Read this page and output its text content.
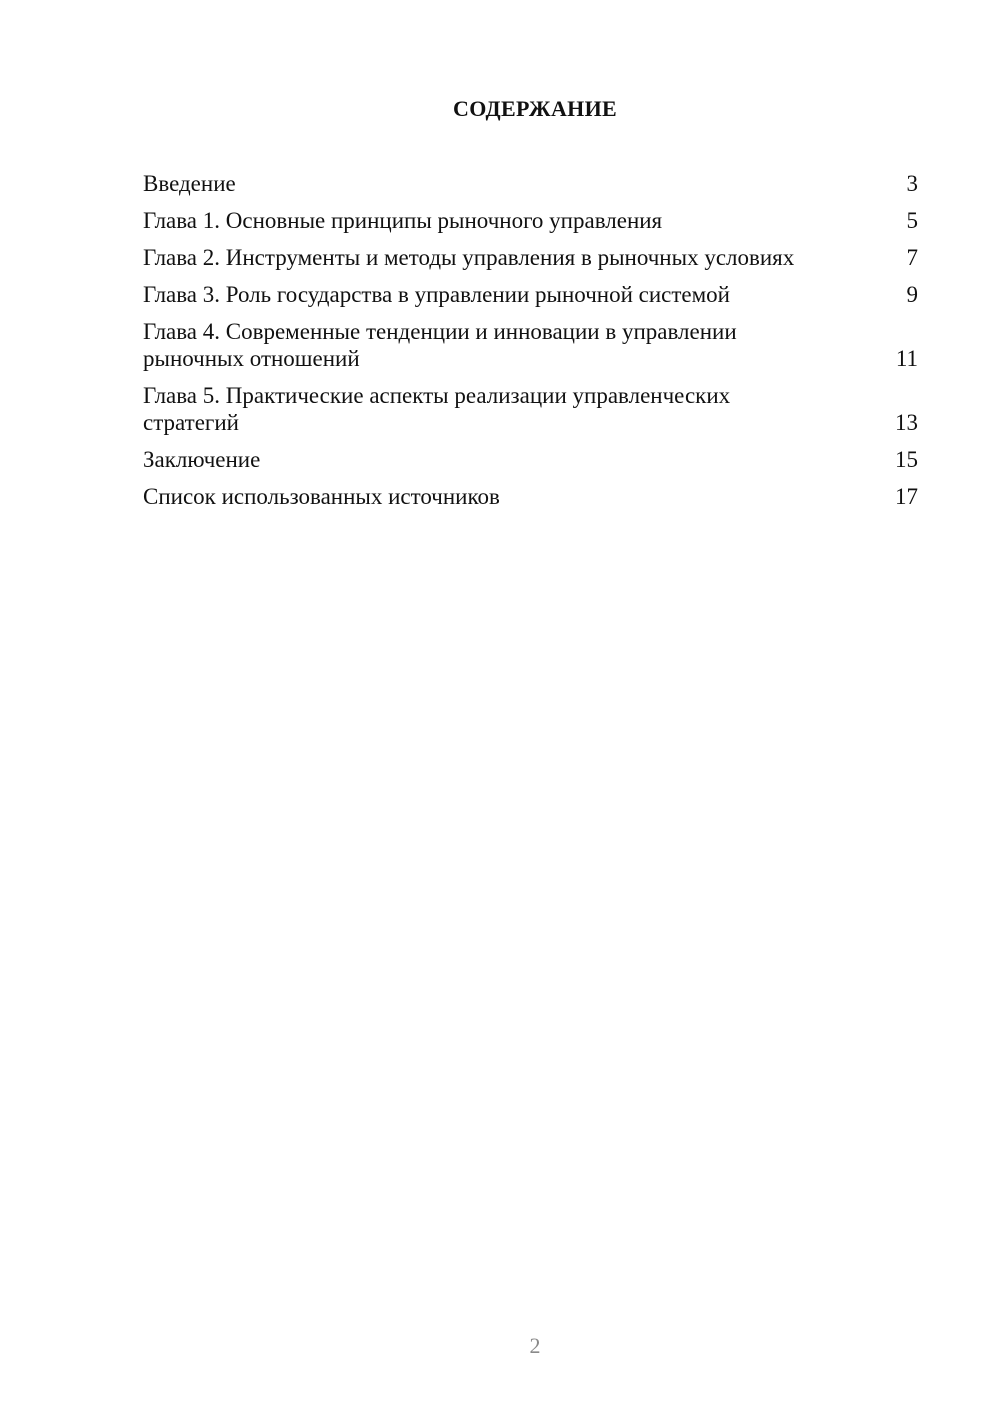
СОДЕРЖАНИЕ
Введение	3
Глава 1. Основные принципы рыночного управления	5
Глава 2. Инструменты и методы управления в рыночных условиях	7
Глава 3. Роль государства в управлении рыночной системой	9
Глава 4. Современные тенденции и инновации в управлении рыночных отношений	11
Глава 5. Практические аспекты реализации управленческих стратегий	13
Заключение	15
Список использованных источников	17
2
